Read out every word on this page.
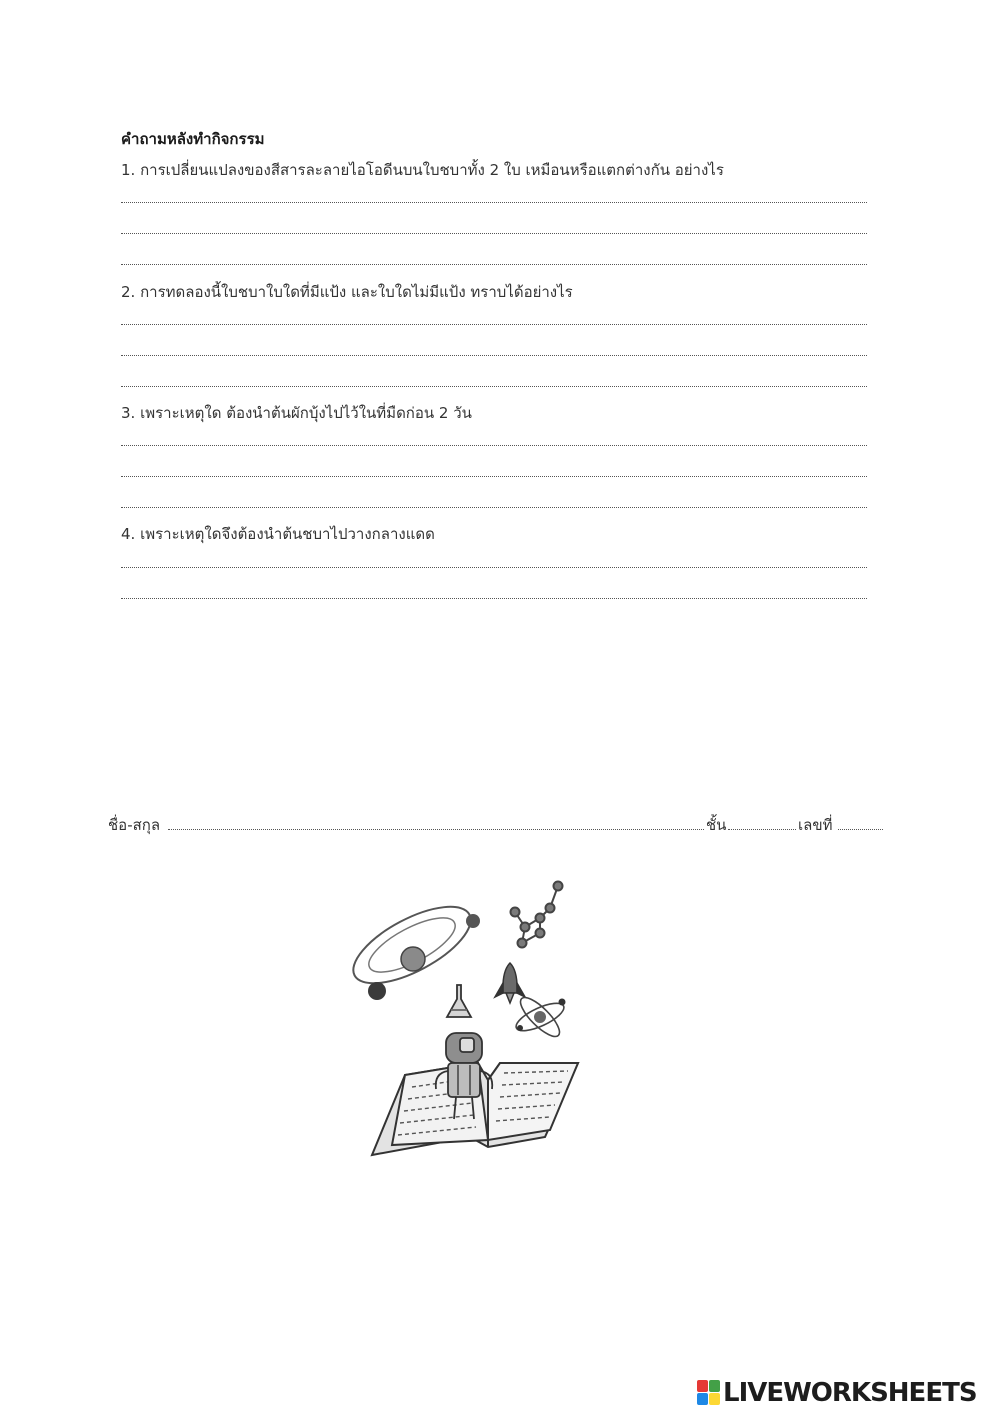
คำถามหลังทำกิจกรรม
1. การเปลี่ยนแปลงของสีสารละลายไอโอดีนบนใบชบาทั้ง 2 ใบ เหมือนหรือแตกต่างกัน อย่างไร
2. การทดลองนี้ใบชบาใบใดที่มีแป้ง และใบใดไม่มีแป้ง ทราบได้อย่างไร
3. เพราะเหตุใด ต้องนำต้นผักบุ้งไปไว้ในที่มืดก่อน 2 วัน
4. เพราะเหตุใดจึงต้องนำต้นชบาไปวางกลางแดด
ชื่อ-สกุล	ชั้น	เลขที่
LIVEWORKSHEETS
